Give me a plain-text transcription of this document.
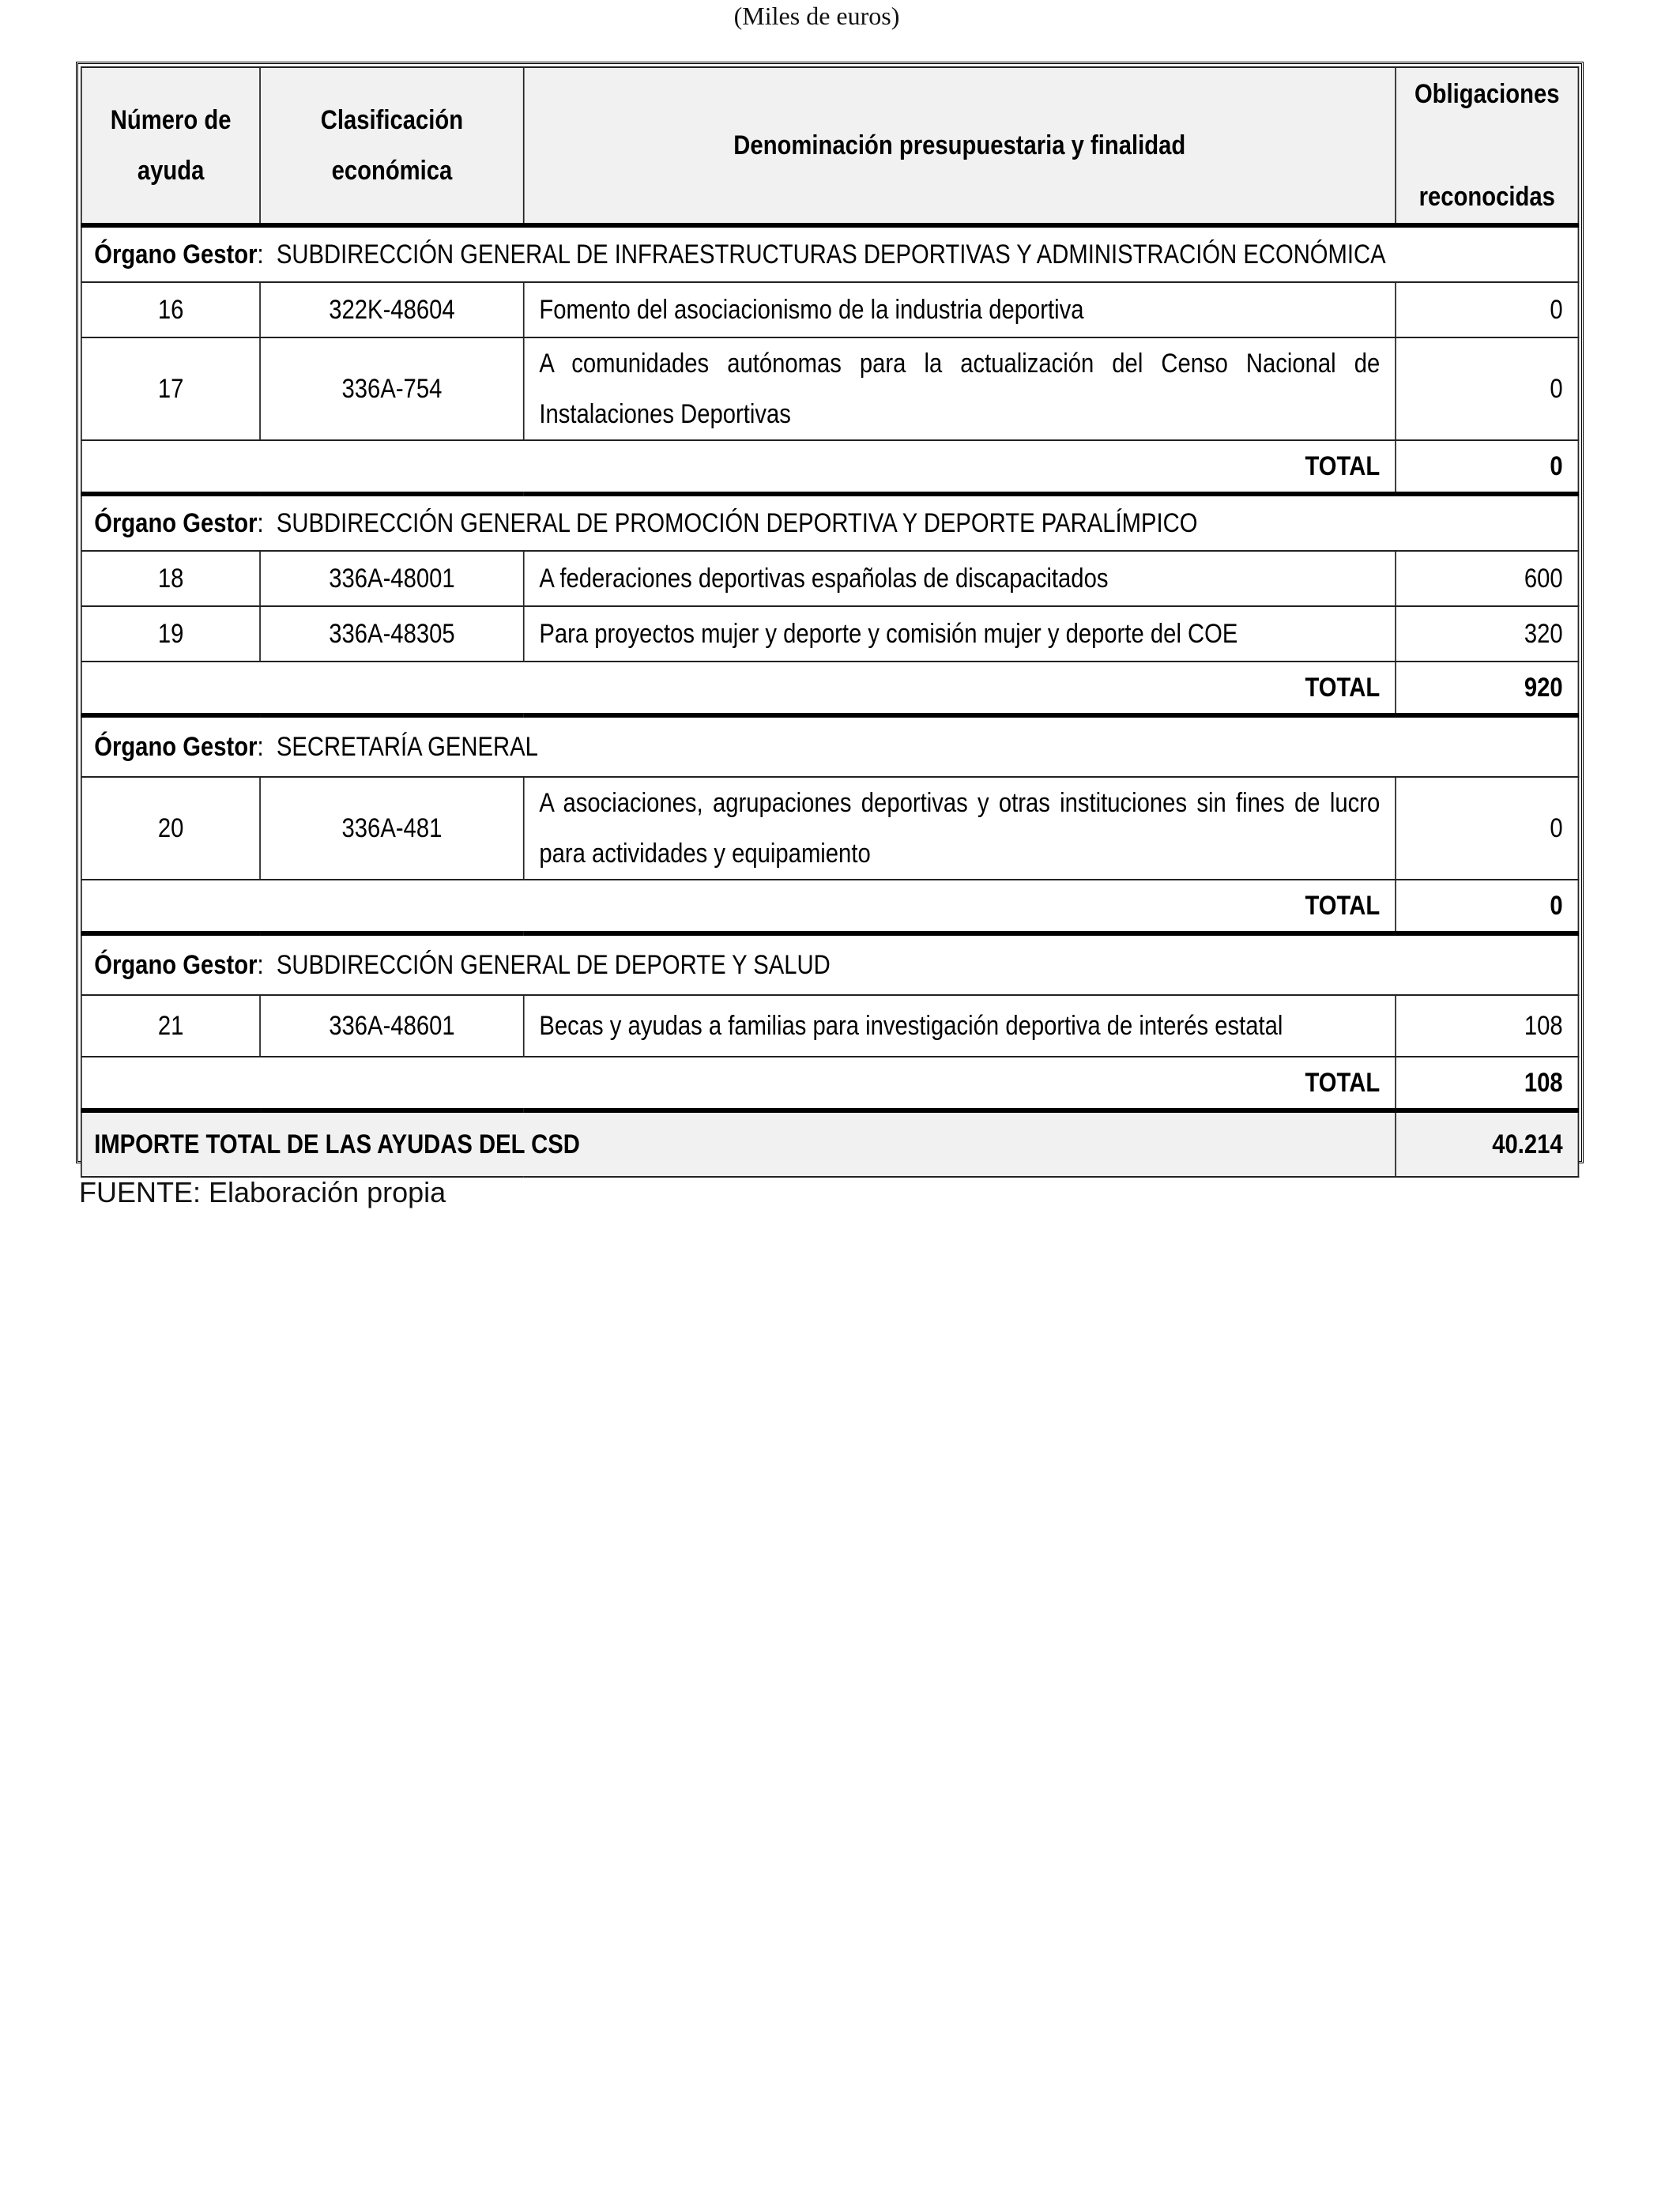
(Miles de euros)
Número de ayuda	Clasificación económica	Denominación presupuestaria y finalidad	Obligaciones
reconocidas

Órgano Gestor:  SUBDIRECCIÓN GENERAL DE INFRAESTRUCTURAS DEPORTIVAS Y ADMINISTRACIÓN ECONÓMICA			
16	322K-48604	Fomento del asociacionismo de la industria deportiva	0
17	336A-754	A comunidades autónomas para la actualización del Censo Nacional de Instalaciones Deportivas	0
TOTAL			0
Órgano Gestor:  SUBDIRECCIÓN GENERAL DE PROMOCIÓN DEPORTIVA Y DEPORTE PARALÍMPICO			
18	336A-48001	A federaciones deportivas españolas de discapacitados	600
19	336A-48305	Para proyectos mujer y deporte y comisión mujer y deporte del COE	320
TOTAL			920
Órgano Gestor:  SECRETARÍA GENERAL			
20	336A-481	A asociaciones, agrupaciones deportivas y otras instituciones sin fines de lucro para actividades y equipamiento	0
TOTAL			0
Órgano Gestor:  SUBDIRECCIÓN GENERAL DE DEPORTE Y SALUD			
21	336A-48601	Becas y ayudas a familias para investigación deportiva de interés estatal	108
TOTAL			108
IMPORTE TOTAL DE LAS AYUDAS DEL CSD			40.214
FUENTE: Elaboración propia
